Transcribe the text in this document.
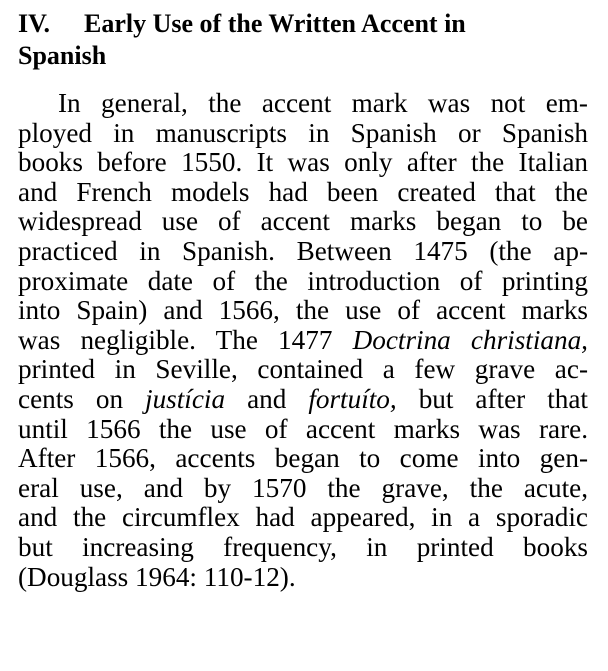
IV. Early Use of the Written Accent in
Spanish
In general, the accent mark was not em-
ployed in manuscripts in Spanish or Spanish
books before 1550. It was only after the Italian
and French models had been created that the
widespread use of accent marks began to be
practiced in Spanish. Between 1475 (the ap-
proximate date of the introduction of printing
into Spain) and 1566, the use of accent marks
was negligible. The 1477 Doctrina christiana,
printed in Seville, contained a few grave ac-
cents on justícia and fortuíto, but after that
until 1566 the use of accent marks was rare.
After 1566, accents began to come into gen-
eral use, and by 1570 the grave, the acute,
and the circumflex had appeared, in a sporadic
but increasing frequency, in printed books
(Douglass 1964: 110-12).
